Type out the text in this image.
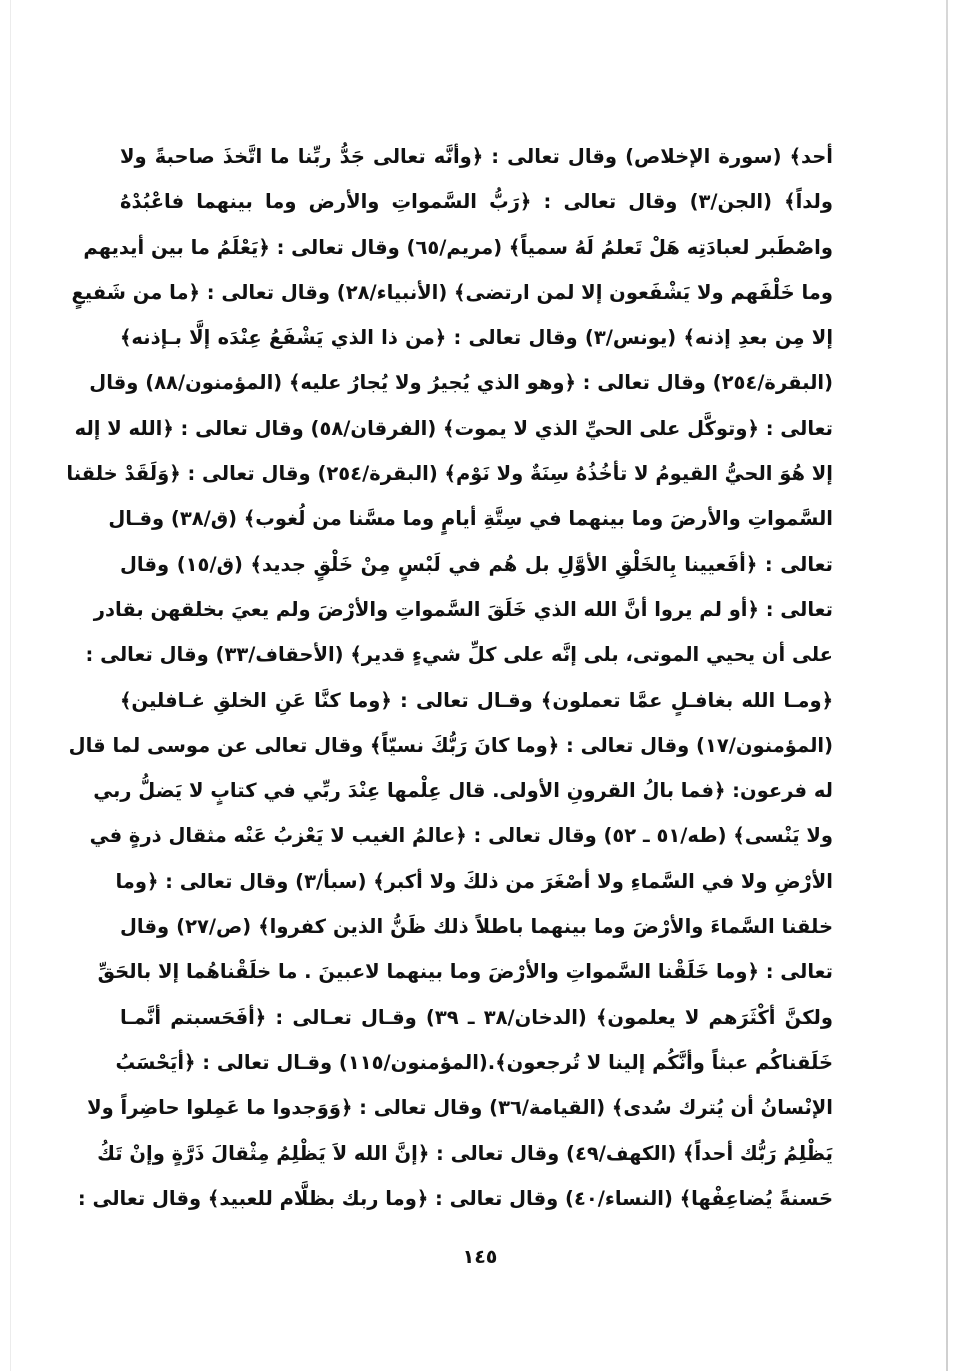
أحد﴾ (سورة الإخلاص) وقال تعالى : ﴿وأنَّه تعالى جَدُّ ربِّنا ما اتَّخذَ صاحبةً ولا
ولداً﴾ (الجن/٣) وقال تعالى : ﴿رَبُّ السَّمواتِ والأرض وما بينهما فاعْبُدْهُ
واصْطَبر لعبادَتِه هَلْ تَعلمُ لَهُ سمياً﴾ (مريم/٦٥) وقال تعالى : ﴿يَعْلَمُ ما بين أيديهم
وما خَلْفَهم ولا يَشْفَعون إلا لمن ارتضى﴾ (الأنبياء/٢٨) وقال تعالى : ﴿ما من شَفيعٍ
إلا مِن بعدِ إذنه﴾ (يونس/٣) وقال تعالى : ﴿من ذا الذي يَشْفَعُ عِنْدَه إلَّا بـإذنه﴾
(البقرة/٢٥٤) وقال تعالى : ﴿وهو الذي يُجيرُ ولا يُجارُ عليه﴾ (المؤمنون/٨٨) وقال
تعالى : ﴿وتوكَّل على الحيِّ الذي لا يموت﴾ (الفرقان/٥٨) وقال تعالى : ﴿الله لا إله
إلا هُوَ الحيُّ القيومُ لا تأخُذُهُ سِنَةٌ ولا نَوْم﴾ (البقرة/٢٥٤) وقال تعالى : ﴿وَلَقَدْ خلقنا
السَّمواتِ والأرضَ وما بينهما في سِتَّةِ أيامٍ وما مسَّنا من لُغوب﴾ (ق/٣٨) وقـال
تعالى : ﴿أفَعيينا بِالخَلْقِ الأوَّلِ بل هُم في لَبْسٍ مِنْ خَلْقٍ جديد﴾ (ق/١٥) وقال
تعالى : ﴿أو لم يروا أنَّ الله الذي خَلَقَ السَّمواتِ والأرْضَ ولم يعيَ بخلقهن بقادر
على أن يحيي الموتى، بلى إنَّه على كلِّ شيءٍ قدير﴾ (الأحقاف/٣٣) وقال تعالى :
﴿ومـا الله بغافـلٍ عمَّا تعملون﴾ وقـال تعالى : ﴿وما كنَّا عَنِ الخلقِ غـافلين﴾
(المؤمنون/١٧) وقال تعالى : ﴿وما كانَ رَبُّكَ نسيّاً﴾ وقال تعالى عن موسى لما قال
له فرعون: ﴿فما بالُ القرونِ الأولى. قال عِلْمها عِنْدَ ربِّي في كتابٍ لا يَضلُّ ربي
ولا يَنْسى﴾ (طه/٥١ ـ ٥٢) وقال تعالى : ﴿عالمُ الغيب لا يَعْزبُ عَنْه مثقال ذرةٍ في
الأرْضِ ولا في السَّماءِ ولا أصْغَرَ من ذلكَ ولا أكبر﴾ (سبأ/٣) وقال تعالى : ﴿وما
خلقنا السَّماءَ والأرْضَ وما بينهما باطلاً ذلك ظَنُّ الذين كفروا﴾ (ص/٢٧) وقال
تعالى : ﴿وما خَلَقْنا السَّمواتِ والأرْضَ وما بينهما لاعبينَ . ما خلَقْناهُما إلا بالحَقِّ
ولكنَّ أكْثَرَهم لا يعلمون﴾ (الدخان/٣٨ ـ ٣٩) وقـال تعـالى : ﴿أفَحَسبتم أنَّمـا
خَلَقناكُم عبثاً وأنَّكُم إلينا لا تُرجعون﴾.(المؤمنون/١١٥) وقـال تعالى : ﴿أيَحْسَبُ
الإنْسانُ أن يُترك سُدى﴾ (القيامة/٣٦) وقال تعالى : ﴿وَوَجدوا ما عَمِلوا حاضِراً ولا
يَظْلِمُ رَبُّك أحداً﴾ (الكهف/٤٩) وقال تعالى : ﴿إنَّ الله لاَ يَظْلِمُ مِثْقالَ ذَرَّةٍ وإنْ تَكُ
حَسنةً يُضاعِفْها﴾ (النساء/٤٠) وقال تعالى : ﴿وما ربك بظلَّام للعبيد﴾ وقال تعالى :
١٤٥
